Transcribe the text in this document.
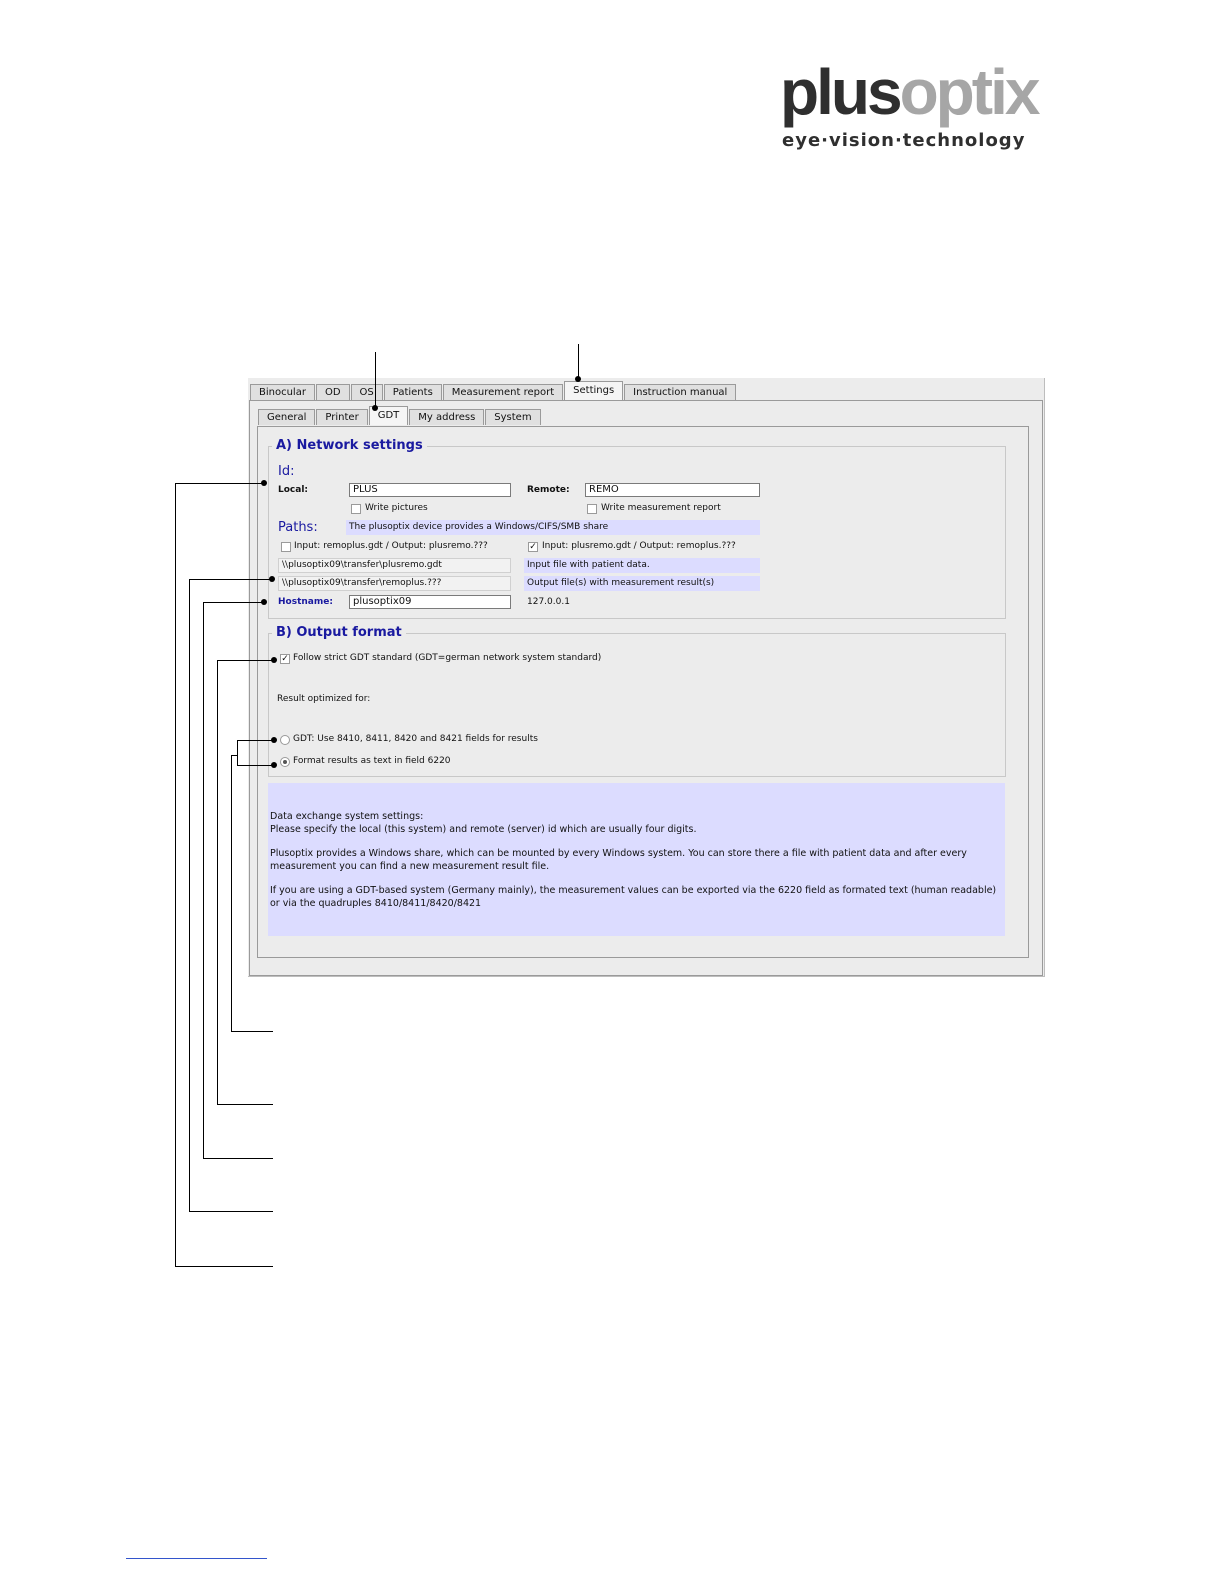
plusoptix
eye·vision·technology
Binocular	OD	OS	Patients	Measurement report	Settings	Instruction manual
General	Printer	GDT	My address	System
A) Network settings
Id:
Local:	PLUS	Remote:	REMO
Write pictures	Write measurement report
Paths:	The plusoptix device provides a Windows/CIFS/SMB share
Input: remoplus.gdt / Output: plusremo.???	✓ Input: plusremo.gdt / Output: remoplus.???
\\plusoptix09\transfer\plusremo.gdt	Input file with patient data.
\\plusoptix09\transfer\remoplus.???	Output file(s) with measurement result(s)
Hostname:	plusoptix09	127.0.0.1
B) Output format
✓ Follow strict GDT standard (GDT=german network system standard)
Result optimized for:
GDT: Use 8410, 8411, 8420 and 8421 fields for results
Format results as text in field 6220

Data exchange system settings:
Please specify the local (this system) and remote (server) id which are usually four digits.

Plusoptix provides a Windows share, which can be mounted by every Windows system. You can store there a file with patient data and after every measurement you can find a new measurement result file.

If you are using a GDT-based system (Germany mainly), the measurement values can be exported via the 6220 field as formated text (human readable) or via the quadruples 8410/8411/8420/8421
